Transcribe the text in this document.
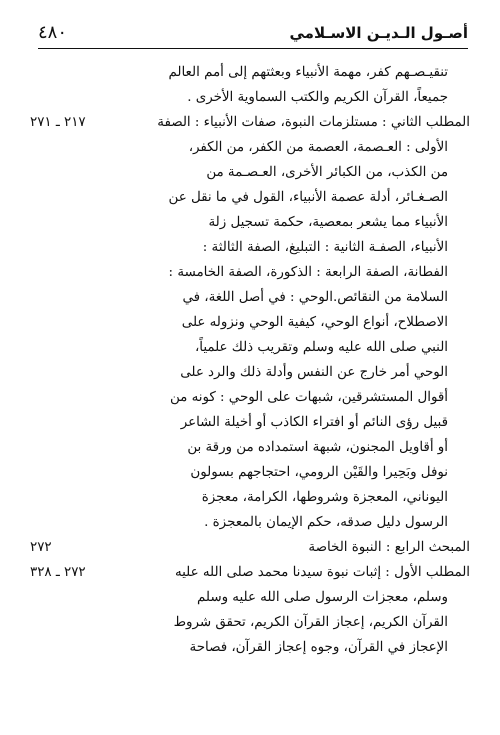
أصـول الـديـن الاسـلامي
٤٨٠
تنقيـصـهم كفر، مهمة الأنبياء وبعثتهم إلى أمم العالم
جميعاً، القرآن الكريم والكتب السماوية الأخرى .
المطلب الثاني : مستلزمات النبوة، صفات الأنبياء : الصفة
٢١٧ ـ ٢٧١
الأولى : العـصمة، العصمة من الكفر، من الكفر،
من الكذب، من الكبائر الأخرى، العـصـمة من
الصـغـائر، أدلة عصمة الأنبياء، القول في ما نقل عن
الأنبياء مما يشعر بمعصية، حكمة تسجيل زلة
الأنبياء، الصفـة الثانية : التبليغ، الصفة الثالثة :
الفطانة، الصفة الرابعة : الذكورة، الصفة الخامسة :
السلامة من النقائص.الوحي : في أصل اللغة، في
الاصطلاح، أنواع الوحي، كيفية الوحي ونزوله على
النبي صلى الله عليه وسلم وتقريب ذلك علمياً،
الوحي أمر خارج عن النفس وأدلة ذلك والرد على
أقوال المستشرقين، شبهات على الوحي : كونه من
قبيل رؤى النائم أو افتراء الكاذب أو أخيلة الشاعر
أو أقاويل المجنون، شبهة استمداده من ورقة بن
نوفل وبَحِيرا والقَيْن الرومي، احتجاجهم بسولون
اليوناني، المعجزة وشروطها، الكرامة، معجزة
الرسول دليل صدقه، حكم الإيمان بالمعجزة .
المبحث الرابع : النبوة الخاصة
٢٧٢
المطلب الأول : إثبات نبوة سيدنا محمد صلى الله عليه
٢٧٢ ـ ٣٢٨
وسلم، معجزات الرسول صلى الله عليه وسلم
القرآن الكريم، إعجاز القرآن الكريم، تحقق شروط
الإعجاز في القرآن، وجوه إعجاز القرآن، فصاحة
